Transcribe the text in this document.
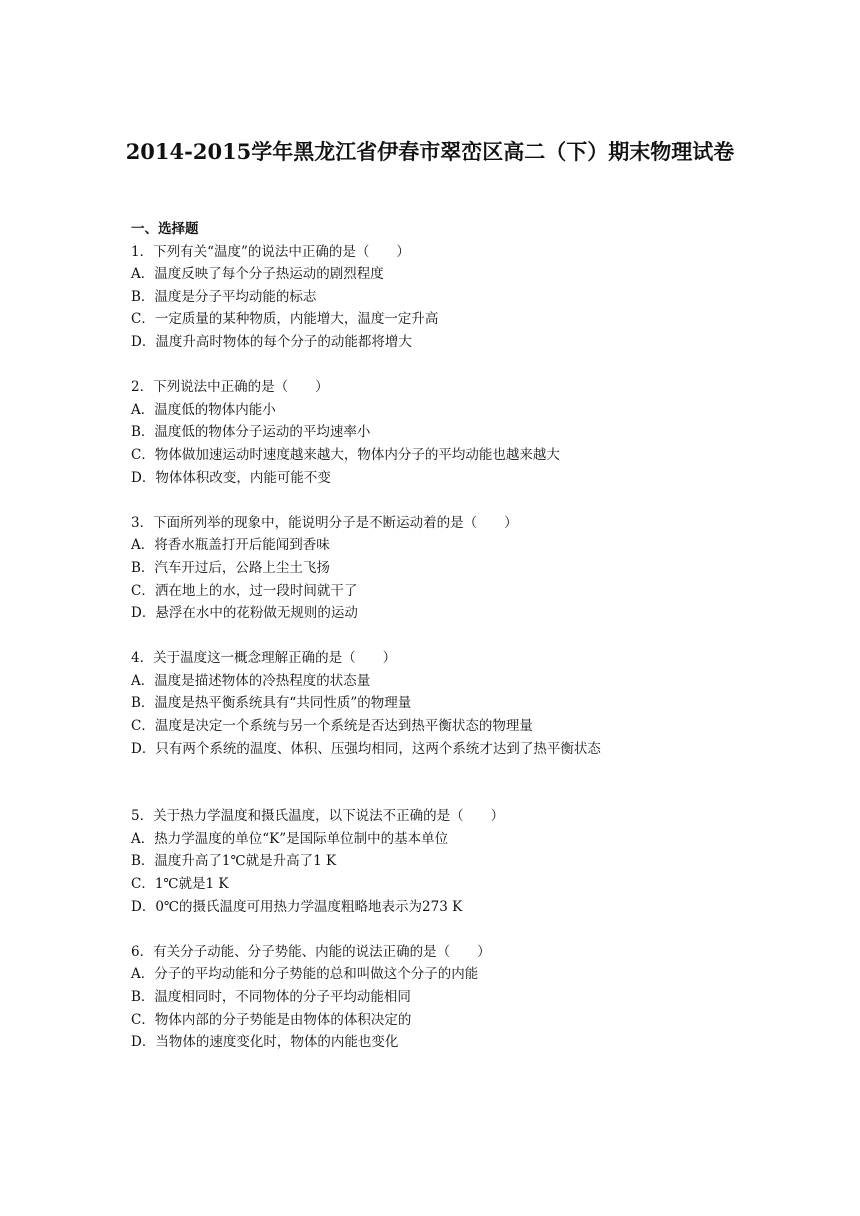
2014-2015学年黑龙江省伊春市翠峦区高二（下）期末物理试卷
一、选择题
1．下列有关“温度”的说法中正确的是（　　）
A．温度反映了每个分子热运动的剧烈程度
B．温度是分子平均动能的标志
C．一定质量的某种物质，内能增大，温度一定升高
D．温度升高时物体的每个分子的动能都将增大
2．下列说法中正确的是（　　）
A．温度低的物体内能小
B．温度低的物体分子运动的平均速率小
C．物体做加速运动时速度越来越大，物体内分子的平均动能也越来越大
D．物体体积改变，内能可能不变
3．下面所列举的现象中，能说明分子是不断运动着的是（　　）
A．将香水瓶盖打开后能闻到香味
B．汽车开过后，公路上尘土飞扬
C．洒在地上的水，过一段时间就干了
D．悬浮在水中的花粉做无规则的运动
4．关于温度这一概念理解正确的是（　　）
A．温度是描述物体的冷热程度的状态量
B．温度是热平衡系统具有“共同性质”的物理量
C．温度是决定一个系统与另一个系统是否达到热平衡状态的物理量
D．只有两个系统的温度、体积、压强均相同，这两个系统才达到了热平衡状态
5．关于热力学温度和摄氏温度，以下说法不正确的是（　　）
A．热力学温度的单位“K”是国际单位制中的基本单位
B．温度升高了1℃就是升高了1 K
C．1℃就是1 K
D．0℃的摄氏温度可用热力学温度粗略地表示为273 K
6．有关分子动能、分子势能、内能的说法正确的是（　　）
A．分子的平均动能和分子势能的总和叫做这个分子的内能
B．温度相同时，不同物体的分子平均动能相同
C．物体内部的分子势能是由物体的体积决定的
D．当物体的速度变化时，物体的内能也变化
